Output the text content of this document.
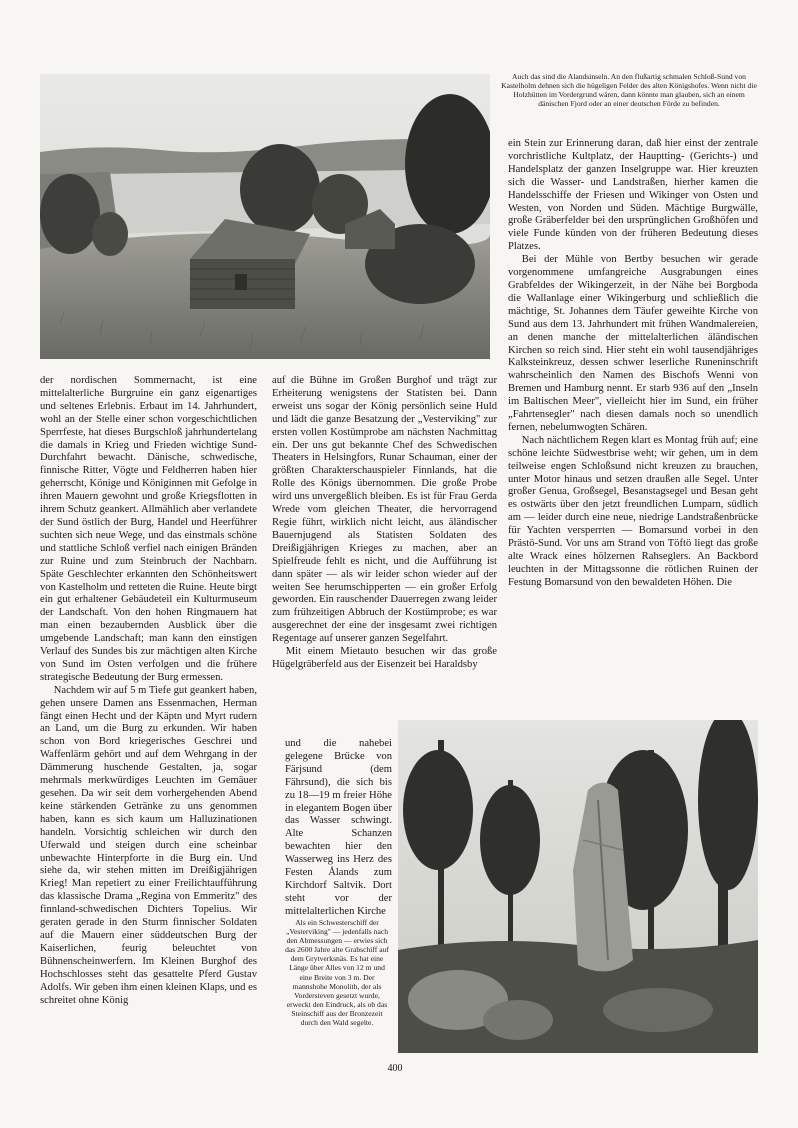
Auch das sind die Alandsinseln. An den flußartig schmalen Schloß-Sund von Kastelholm dehnen sich die hügeligen Felder des alten Königshofes. Wenn nicht die Holzhütten im Vordergrund wären, dann könnte man glauben, sich an einem dänischen Fjord oder an einer deutschen Förde zu befinden.

der nordischen Sommernacht, ist eine mittelalterliche Burgruine ein ganz eigenartiges und seltenes Erlebnis. Erbaut im 14. Jahrhundert, wohl an der Stelle einer schon vorgeschichtlichen Sperrfeste, hat dieses Burgschloß jahrhundertelang die damals in Krieg und Frieden wichtige Sund-Durchfahrt bewacht. Dänische, schwedische, finnische Ritter, Vögte und Feldherren haben hier geherrscht, Könige und Königinnen mit Gefolge in ihren Mauern gewohnt und große Kriegsflotten in ihrem Schutz geankert. Allmählich aber verlandete der Sund östlich der Burg, Handel und Heerführer suchten sich neue Wege, und das einstmals schöne und stattliche Schloß verfiel nach einigen Bränden zur Ruine und zum Steinbruch der Nachbarn. Späte Geschlechter erkannten den Schönheitswert von Kastelholm und retteten die Ruine. Heute birgt ein gut erhaltener Gebäudeteil ein Kulturmuseum der Landschaft. Von den hohen Ringmauern hat man einen bezaubernden Ausblick über die umgebende Landschaft; man kann den einstigen Verlauf des Sundes bis zur mächtigen alten Kirche von Sund im Osten verfolgen und die frühere strategische Bedeutung der Burg ermessen.

Nachdem wir auf 5 m Tiefe gut geankert haben, gehen unsere Damen ans Essenmachen, Herman fängt einen Hecht und der Käptn und Myrt rudern an Land, um die Burg zu erkunden. Wir haben schon von Bord kriegerisches Geschrei und Waffenlärm gehört und auf dem Wehrgang in der Dämmerung huschende Gestalten, ja, sogar mehrmals merkwürdiges Leuchten im Gemäuer gesehen. Da wir seit dem vorhergehenden Abend keine stärkenden Getränke zu uns genommen haben, kann es sich kaum um Halluzinationen handeln. Vorsichtig schleichen wir durch den Uferwald und steigen durch eine scheinbar unbewachte Hinterpforte in die Burg ein. Und siehe da, wir stehen mitten im Dreißigjährigen Krieg! Man repetiert zu einer Freilichtaufführung das klassische Drama „Regina von Emmeritz" des finnland-schwedischen Dichters Topelius. Wir geraten gerade in den Sturm finnischer Soldaten auf die Mauern einer süddeutschen Burg der Kaiserlichen, feurig beleuchtet von Bühnenscheinwerfern. Im Kleinen Burghof des Hochschlosses steht das gesattelte Pferd Gustav Adolfs. Wir geben ihm einen kleinen Klaps, und es schreitet ohne König

auf die Bühne im Großen Burghof und trägt zur Erheiterung wenigstens der Statisten bei. Dann erweist uns sogar der König persönlich seine Huld und lädt die ganze Besatzung der „Vesterviking" zur ersten vollen Kostümprobe am nächsten Nachmittag ein. Der uns gut bekannte Chef des Schwedischen Theaters in Helsingfors, Runar Schauman, einer der größten Charakterschauspieler Finnlands, hat die Rolle des Königs übernommen. Die große Probe wird uns unvergeßlich bleiben. Es ist für Frau Gerda Wrede vom gleichen Theater, die hervorragend Regie führt, wirklich nicht leicht, aus äländischer Bauernjugend als Statisten Soldaten des Dreißigjährigen Krieges zu machen, aber an Spielfreude fehlt es nicht, und die Aufführung ist dann später — als wir leider schon wieder auf der weiten See herumschipperten — ein großer Erfolg geworden. Ein rauschender Dauerregen zwang leider zum frühzeitigen Abbruch der Kostümprobe; es war ausgerechnet der eine der insgesamt zwei richtigen Regentage auf unserer ganzen Segelfahrt.

Mit einem Mietauto besuchen wir das große Hügelgräberfeld aus der Eisenzeit bei Haraldsby

und die nahebei gelegene Brücke von Färjsund (dem Fährsund), die sich bis zu 18—19 m freier Höhe in elegantem Bogen über das Wasser schwingt. Alte Schanzen bewachten hier den Wasserweg ins Herz des Festen Ålands zum Kirchdorf Saltvik. Dort steht vor der mittelalterlichen Kirche

Als ein Schwesterschiff der „Vesterviking" — jedenfalls nach den Abmessungen — erwies sich das 2600 Jahre alte Grabschiff auf dem Grytverksnäs. Es hat eine Länge über Alles von 12 m und eine Breite von 3 m. Der mannshohe Monolith, der als Vordersteven gesetzt wurde, erweckt den Eindruck, als ob das Steinschiff aus der Bronzezeit durch den Wald segelte.

ein Stein zur Erinnerung daran, daß hier einst der zentrale vorchristliche Kultplatz, der Hauptting- (Gerichts-) und Handelsplatz der ganzen Inselgruppe war. Hier kreuzten sich die Wasser- und Landstraßen, hierher kamen die Handelsschiffe der Friesen und Wikinger von Osten und Westen, von Norden und Süden. Mächtige Burgwälle, große Gräberfelder bei den ursprünglichen Großhöfen und viele Funde künden von der früheren Bedeutung dieses Platzes.

Bei der Mühle von Bertby besuchen wir gerade vorgenommene umfangreiche Ausgrabungen eines Grabfeldes der Wikingerzeit, in der Nähe bei Borgboda die Wallanlage einer Wikingerburg und schließlich die mächtige, St. Johannes dem Täufer geweihte Kirche von Sund aus dem 13. Jahrhundert mit frühen Wandmalereien, an denen manche der mittelalterlichen äländischen Kirchen so reich sind. Hier steht ein wohl tausendjähriges Kalksteinkreuz, dessen schwer leserliche Runeninschrift wahrscheinlich den Namen des Bischofs Wenni von Bremen und Hamburg nennt. Er starb 936 auf den „Inseln im Baltischen Meer", vielleicht hier im Sund, ein früher „Fahrtensegler" nach diesen damals noch so unendlich fernen, nebelumwogten Schären.

Nach nächtlichem Regen klart es Montag früh auf; eine schöne leichte Südwestbrise weht; wir gehen, um in dem teilweise engen Schloßsund nicht kreuzen zu brauchen, unter Motor hinaus und setzen draußen alle Segel. Unter großer Genua, Großsegel, Besanstagsegel und Besan geht es ostwärts über den jetzt freundlichen Lumparn, südlich am — leider durch eine neue, niedrige Landstraßenbrücke für Yachten versperrten — Bomarsund vorbei in den Prästö-Sund. Vor uns am Strand von Töftö liegt das große alte Wrack eines hölzernen Rahseglers. An Backbord leuchten in der Mittagssonne die rötlichen Ruinen der Festung Bomarsund von den bewaldeten Höhen. Die

400
